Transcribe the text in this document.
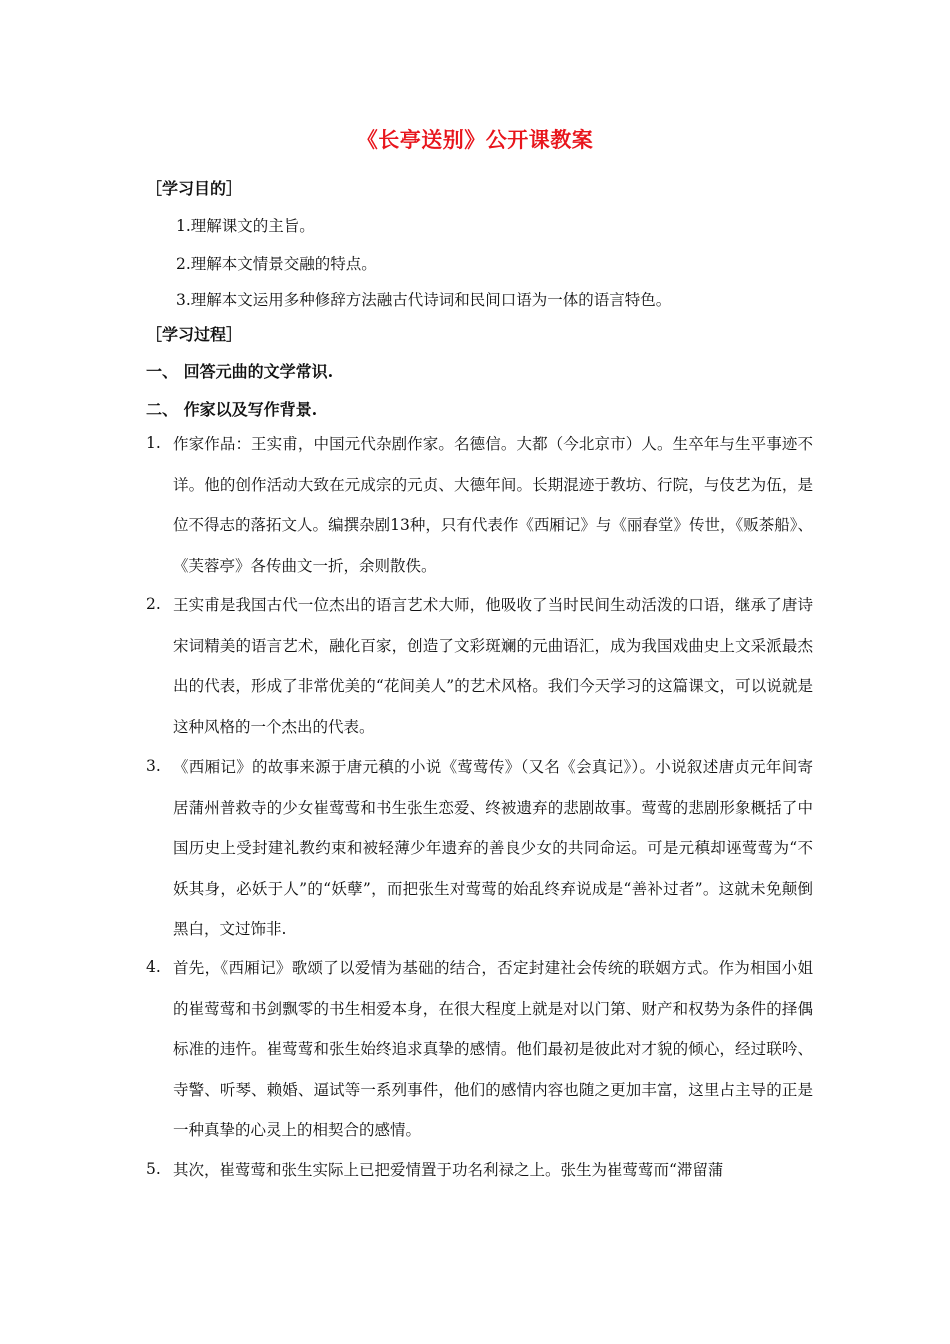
《长亭送别》公开课教案
［学习目的］
1.理解课文的主旨。
2.理解本文情景交融的特点。
3.理解本文运用多种修辞方法融古代诗词和民间口语为一体的语言特色。
［学习过程］
一、 回答元曲的文学常识.
二、 作家以及写作背景.
1. 作家作品：王实甫，中国元代杂剧作家。名德信。大都（今北京市）人。生卒年与生平事迹不详。他的创作活动大致在元成宗的元贞、大德年间。长期混迹于教坊、行院，与伎艺为伍，是位不得志的落拓文人。编撰杂剧13种，只有代表作《西厢记》与《丽春堂》传世，《贩茶船》、《芙蓉亭》各传曲文一折，余则散佚。
2. 王实甫是我国古代一位杰出的语言艺术大师，他吸收了当时民间生动活泼的口语，继承了唐诗宋词精美的语言艺术，融化百家，创造了文彩斑斓的元曲语汇，成为我国戏曲史上文采派最杰出的代表，形成了非常优美的“花间美人”的艺术风格。我们今天学习的这篇课文，可以说就是这种风格的一个杰出的代表。
3. 《西厢记》的故事来源于唐元稹的小说《莺莺传》（又名《会真记》）。小说叙述唐贞元年间寄居蒲州普救寺的少女崔莺莺和书生张生恋爱、终被遗弃的悲剧故事。莺莺的悲剧形象概括了中国历史上受封建礼教约束和被轻薄少年遗弃的善良少女的共同命运。可是元稹却诬莺莺为“不妖其身，必妖于人”的“妖孽”，而把张生对莺莺的始乱终弃说成是“善补过者”。这就未免颠倒黑白，文过饰非.
4. 首先，《西厢记》歌颂了以爱情为基础的结合，否定封建社会传统的联姻方式。作为相国小姐的崔莺莺和书剑飘零的书生相爱本身，在很大程度上就是对以门第、财产和权势为条件的择偶标准的违忤。崔莺莺和张生始终追求真挚的感情。他们最初是彼此对才貌的倾心，经过联吟、寺警、听琴、赖婚、逼试等一系列事件，他们的感情内容也随之更加丰富，这里占主导的正是一种真挚的心灵上的相契合的感情。
5. 其次，崔莺莺和张生实际上已把爱情置于功名利禄之上。张生为崔莺莺而“滞留蒲
